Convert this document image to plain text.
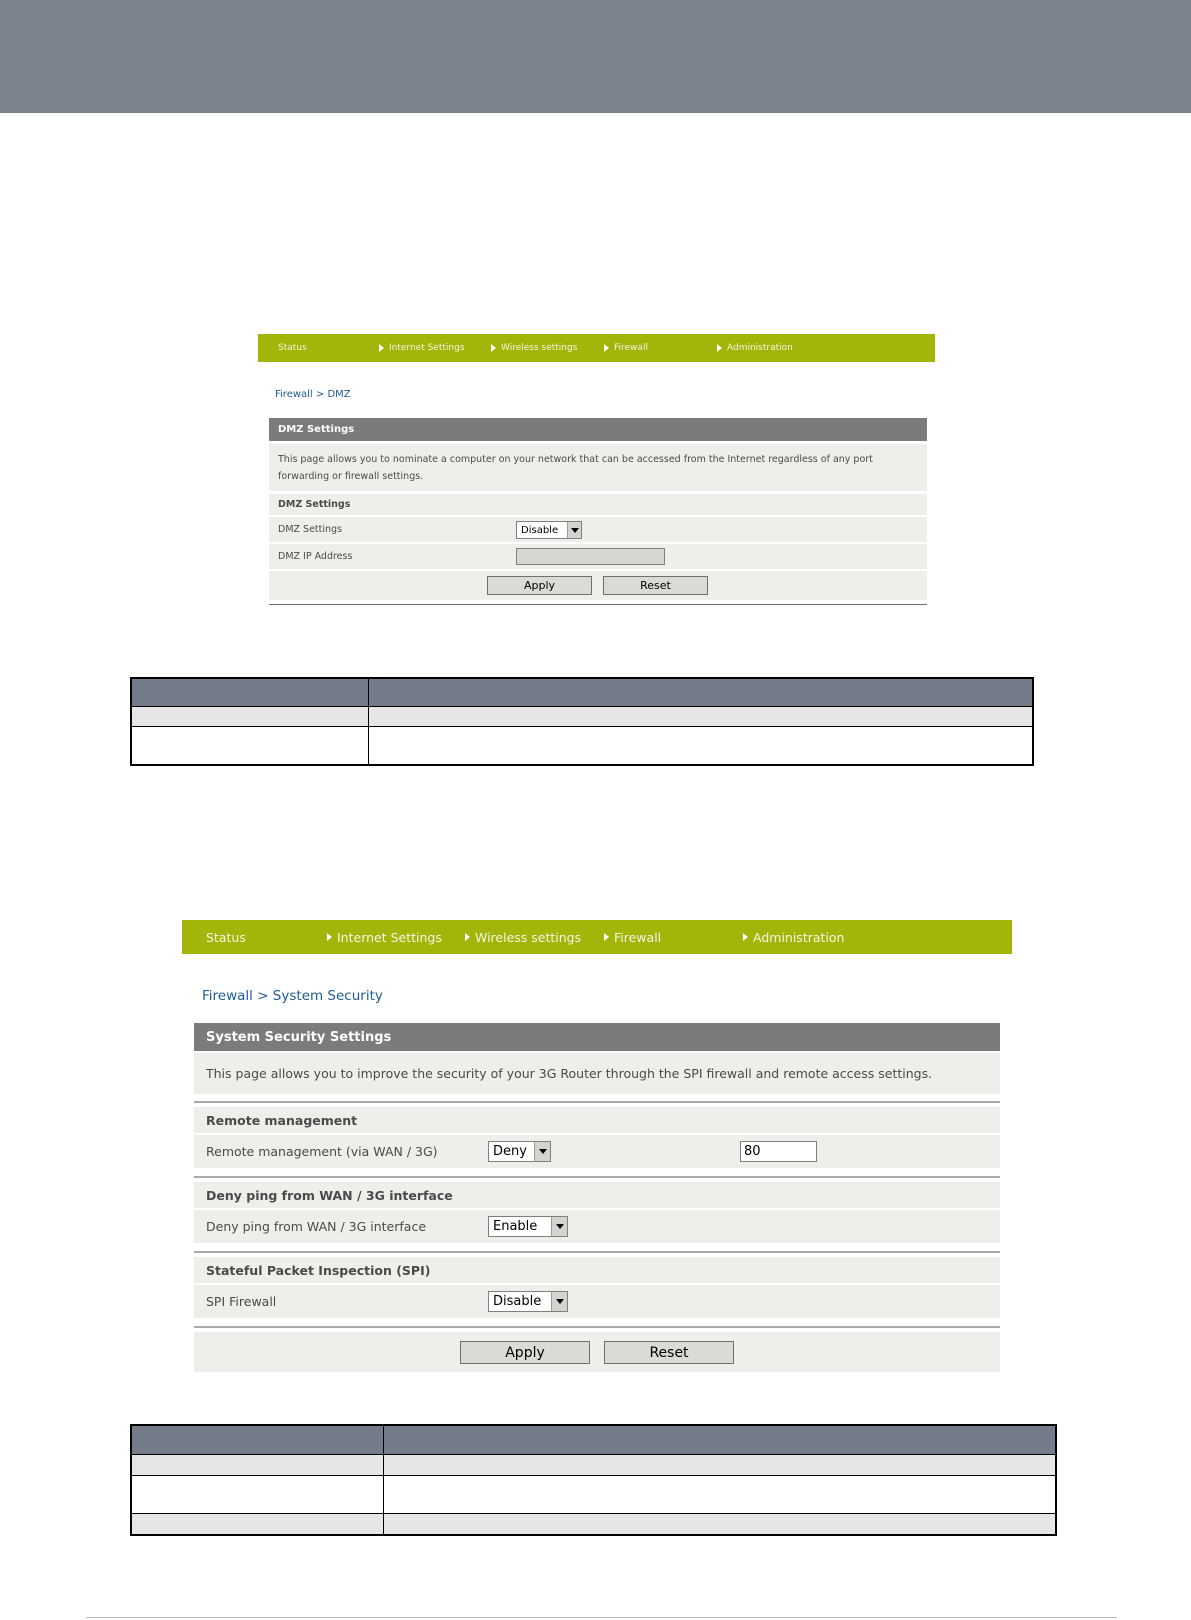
Status	Internet Settings	Wireless settings	Firewall	Administration
Firewall > DMZ
DMZ Settings
This page allows you to nominate a computer on your network that can be accessed from the Internet regardless of any port forwarding or firewall settings.
DMZ Settings
DMZ Settings	Disable
DMZ IP Address
Apply	Reset
Status	Internet Settings	Wireless settings	Firewall	Administration
Firewall > System Security
System Security Settings
This page allows you to improve the security of your 3G Router through the SPI firewall and remote access settings.
Remote management
Remote management (via WAN / 3G)	Deny	80
Deny ping from WAN / 3G interface
Deny ping from WAN / 3G interface	Enable
Stateful Packet Inspection (SPI)
SPI Firewall	Disable
Apply	Reset
